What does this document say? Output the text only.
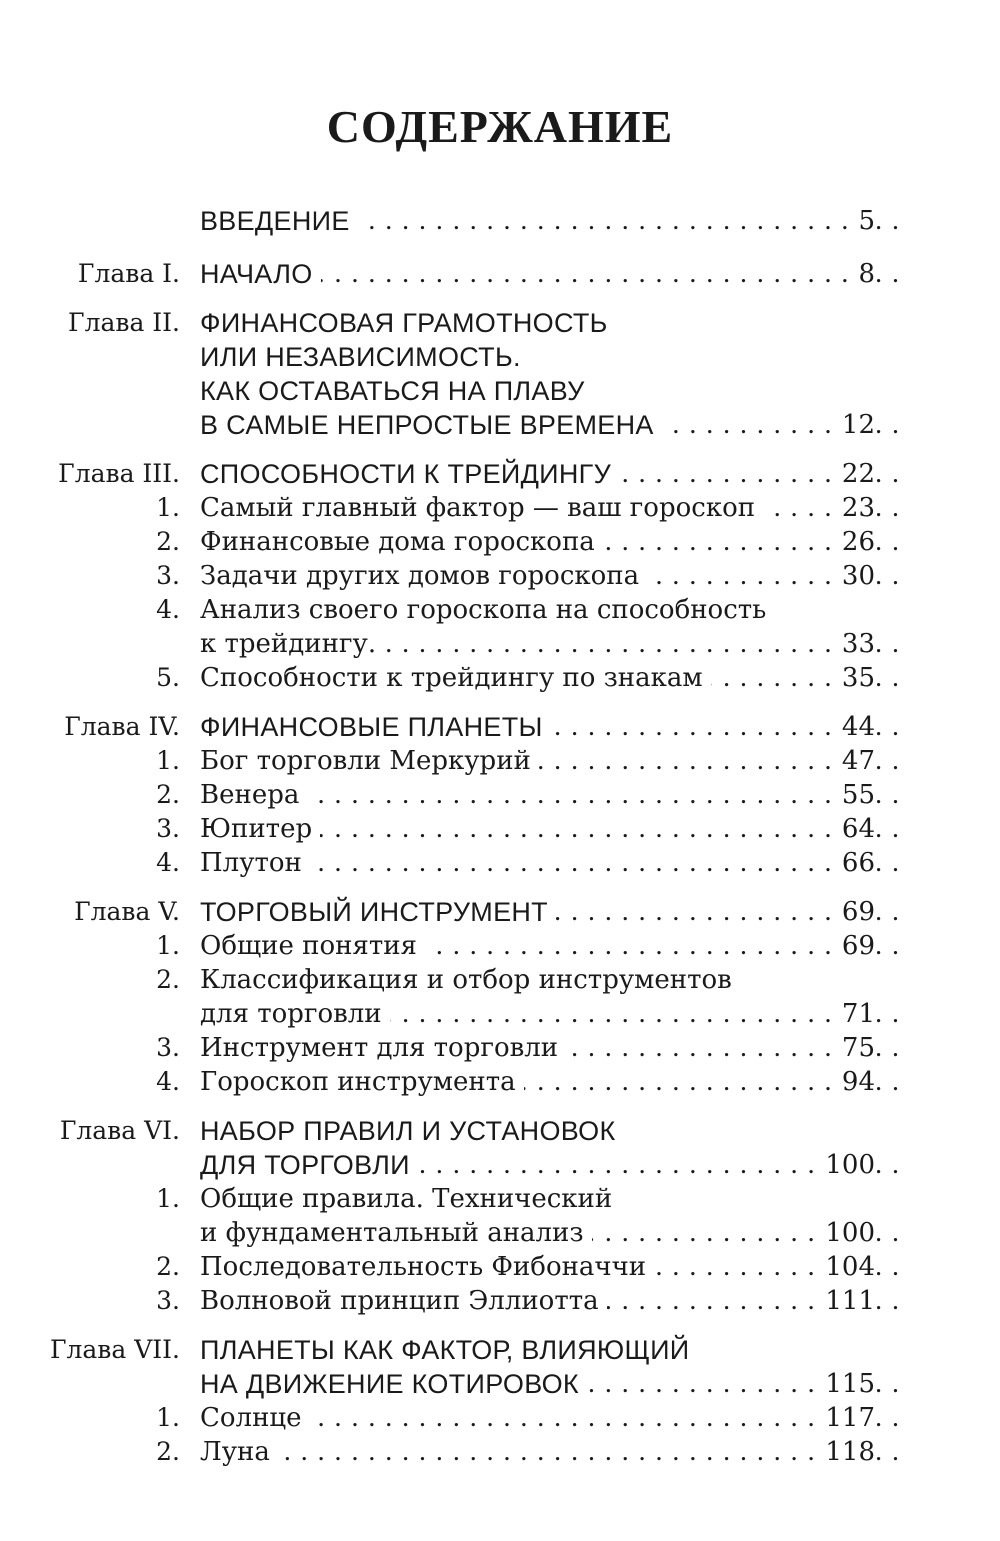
СОДЕРЖАНИЕ
ВВЕДЕНИЕ . . .	5
Глава I. НАЧАЛО . . .	8
Глава II. ФИНАНСОВАЯ ГРАМОТНОСТЬ
ИЛИ НЕЗАВИСИМОСТЬ.
КАК ОСТАВАТЬСЯ НА ПЛАВУ
В САМЫЕ НЕПРОСТЫЕ ВРЕМЕНА . . .	12
Глава III. СПОСОБНОСТИ К ТРЕЙДИНГУ . . .	22
1. Самый главный фактор — ваш гороскоп . . .	23
2. Финансовые дома гороскопа . . .	26
3. Задачи других домов гороскопа . . .	30
4. Анализ своего гороскопа на способность
к трейдингу. . . .	33
5. Способности к трейдингу по знакам . . .	35
Глава IV. ФИНАНСОВЫЕ ПЛАНЕТЫ . . .	44
1. Бог торговли Меркурий . . .	47
2. Венера . . .	55
3. Юпитер . . .	64
4. Плутон . . .	66
Глава V. ТОРГОВЫЙ ИНСТРУМЕНТ . . .	69
1. Общие понятия . . .	69
2. Классификация и отбор инструментов
для торговли . . .	71
3. Инструмент для торговли . . .	75
4. Гороскоп инструмента . . .	94
Глава VI. НАБОР ПРАВИЛ И УСТАНОВОК
ДЛЯ ТОРГОВЛИ . . .	100
1. Общие правила. Технический
и фундаментальный анализ . . .	100
2. Последовательность Фибоначчи . . .	104
3. Волновой принцип Эллиотта . . .	111
Глава VII. ПЛАНЕТЫ КАК ФАКТОР, ВЛИЯЮЩИЙ
НА ДВИЖЕНИЕ КОТИРОВОК . . .	115
1. Солнце . . .	117
2. Луна . . .	118
